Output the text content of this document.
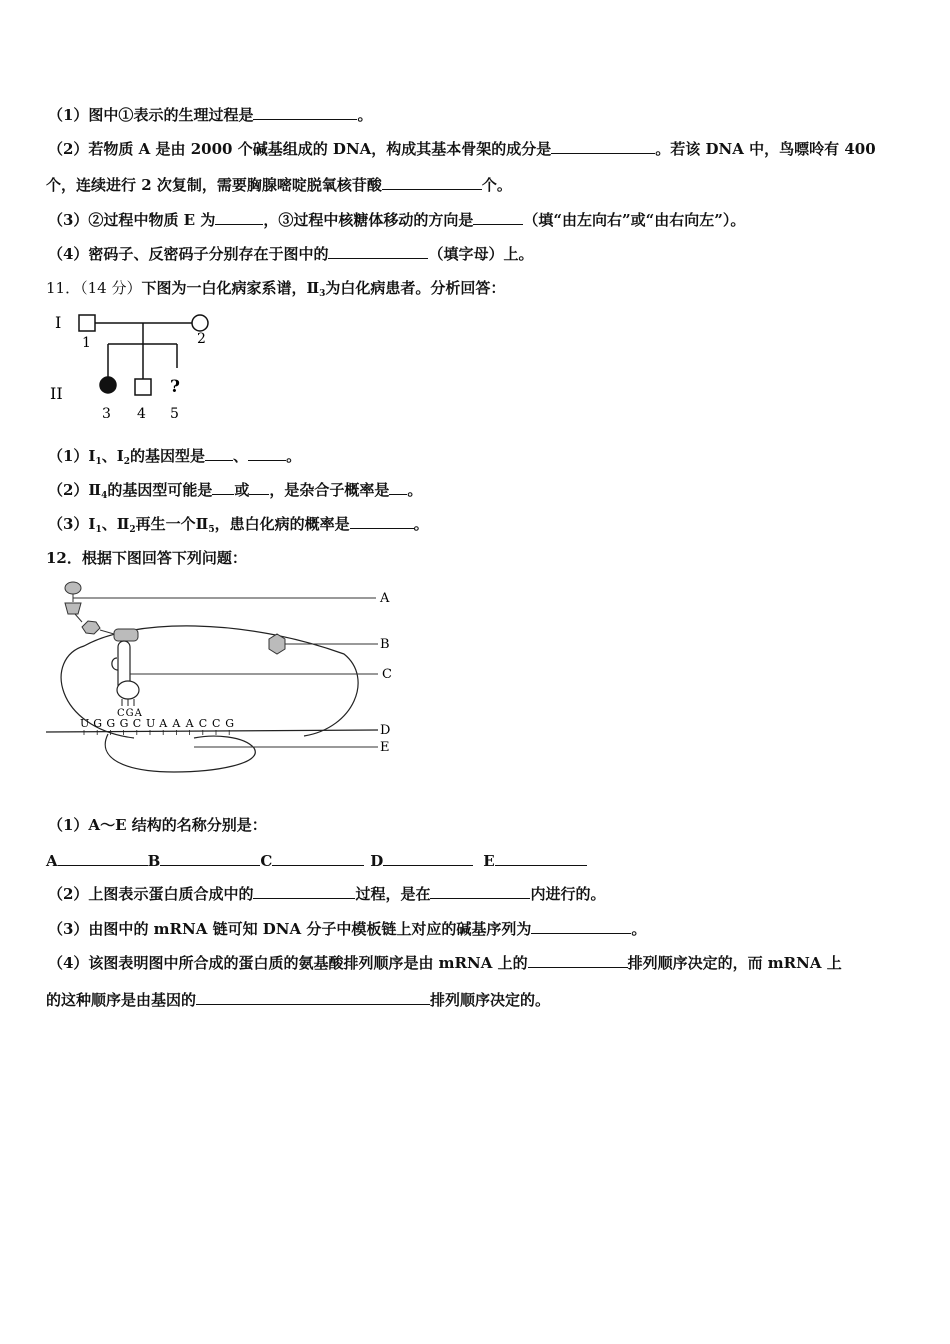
（1）图中①表示的生理过程是	。
（2）若物质 A 是由 2000 个碱基组成的 DNA，构成其基本骨架的成分是	。若该 DNA 中，鸟嘌呤有 400
个，连续进行 2 次复制，需要胸腺嘧啶脱氧核苷酸	个。
（3）②过程中物质 E 为	，③过程中核糖体移动的方向是	（填“由左向右”或“由右向左”）。
（4）密码子、反密码子分别存在于图中的	（填字母）上。
11．（14 分）下图为一白化病家系谱，$Ⅱ_3$为白化病患者。分析回答：
I
1	2
II	?
3 4 5
$(1)Ⅰ_1$、$Ⅰ_2$的基因型是 、	。
$(2)Ⅱ_4$的基因型可能是 或 ，是杂合子概率是 。
$(3)Ⅰ_1$、$Ⅱ_2$再生一个$Ⅱ_5$，患白化病的概率是	。
12．根据下图回答下列问题：
CGA
U G G G C U A A A C C G
A
B
C
D
E
（1）A～E 结构的名称分别是：
A	B	C	D	E
（2）上图表示蛋白质合成中的	过程，是在	内进行的。
（3）由图中的 mRNA 链可知 DNA 分子中模板链上对应的碱基序列为	。
（4）该图表明图中所合成的蛋白质的氨基酸排列顺序是由 mRNA 上的	排列顺序决定的，而 mRNA 上
的这种顺序是由基因的	排列顺序决定的。
